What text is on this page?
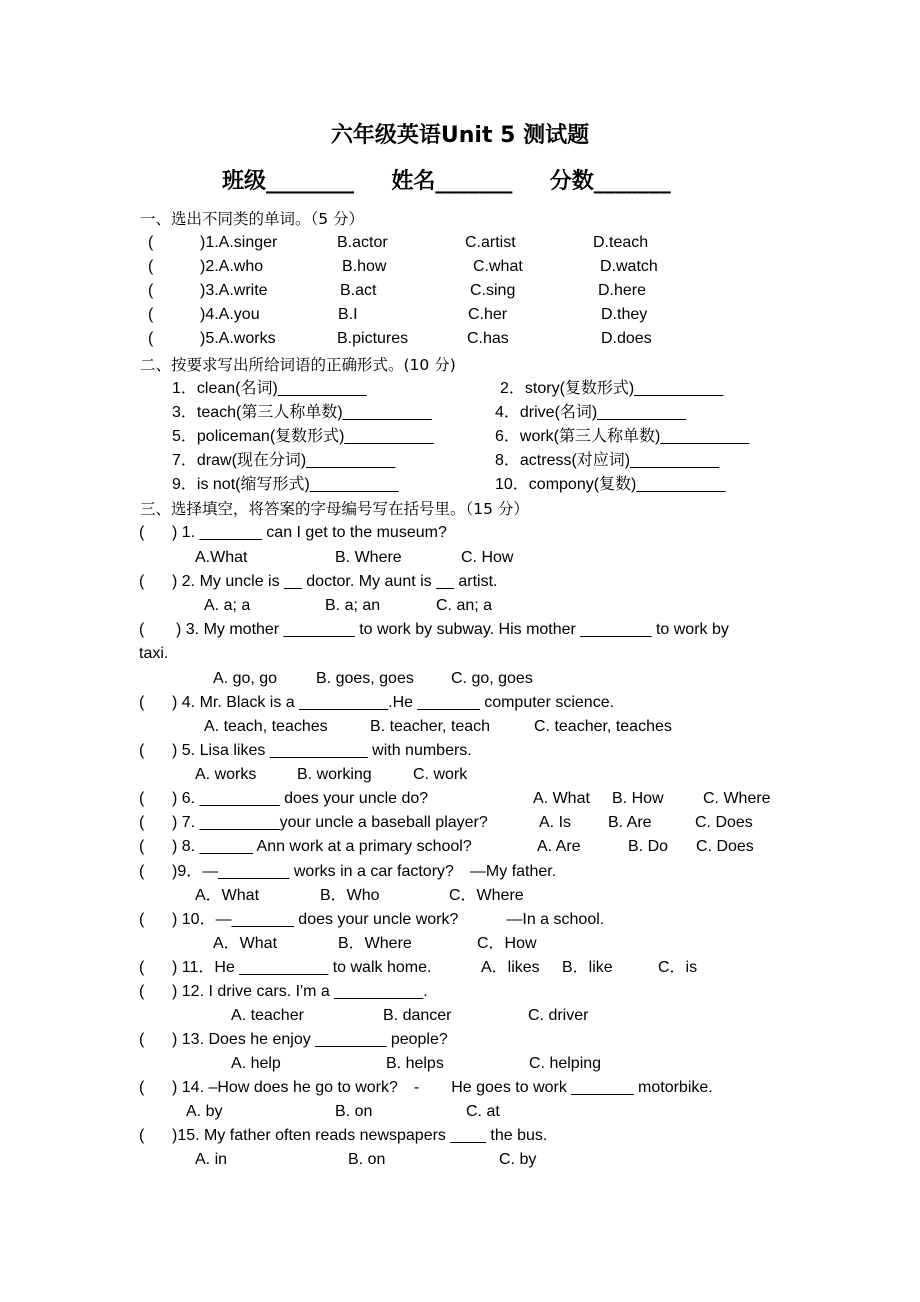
六年级英语Unit 5 测试题
班级________ 姓名_______ 分数_______
一、选出不同类的单词。（5 分）
(	)1.A.singer	B.actor	C.artist	D.teach
(	)2.A.who	B.how	C.what	D.watch
(	)3.A.write	B.act	C.sing	D.here
(	)4.A.you	B.I	C.her	D.they
(	)5.A.works	B.pictures	C.has	D.does
二、按要求写出所给词语的正确形式。(10 分)
1．clean(名词)__________	2．story(复数形式)__________
3．teach(第三人称单数)__________	4．drive(名词)__________
5．policeman(复数形式)__________	6．work(第三人称单数)__________
7．draw(现在分词)__________	8．actress(对应词)__________
9．is not(缩写形式)__________	10．compony(复数)__________
三、选择填空，将答案的字母编号写在括号里。（15 分）
( ) 1. _______ can I get to the museum?
A.What	B. Where	C. How
( ) 2. My uncle is __ doctor. My aunt is __ artist.
A. a; a	B. a; an	C. an; a
( ) 3. My mother ________ to work by subway. His mother ________ to work by
taxi.
A. go, go B. goes, goes C. go, goes
( ) 4. Mr. Black is a __________.He _______ computer science.
A. teach, teaches	B. teacher, teach	C. teacher, teaches
( ) 5. Lisa likes ___________ with numbers.
A. works	B. working	C. work
( ) 6. _________ does your uncle do?	A. What B. How C. Where
( ) 7. _________your uncle a baseball player?	A. Is B. Are	C. Does
( ) 8. ______ Ann work at a primary school?	A. Are	B. Do C. Does
( )9．—________ works in a car factory?　—My father.
A．What	B．Who	C．Where
( ) 10．—_______ does your uncle work?　　　—In a school.
A．What	B．Where	C．How
( ) 11．He __________ to walk home.	A．likes B．like	C．is
( ) 12. I drive cars. I'm a __________.
A. teacher	B. dancer	C. driver
( ) 13. Does he enjoy ________ people?
A. help	B. helps	C. helping
( ) 14. –How does he go to work?　-　　He goes to work _______ motorbike.
A. by	B. on	C. at
( )15. My father often reads newspapers ____ the bus.
A. in	B. on	C. by
